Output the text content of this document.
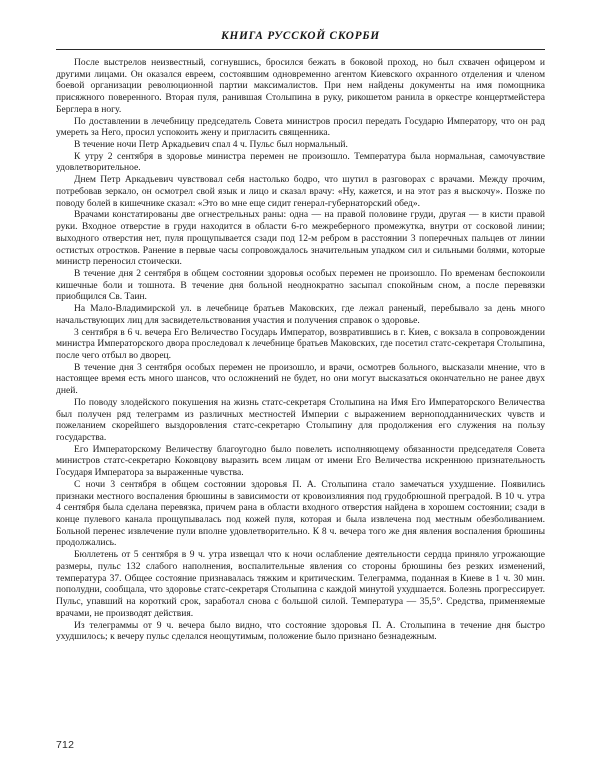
КНИГА РУССКОЙ СКОРБИ

После выстрелов неизвестный, согнувшись, бросился бежать в боковой проход, но был схвачен офицером и другими лицами. Он оказался евреем, состоявшим одновременно агентом Киевского охранного отделения и членом боевой организации революционной партии максималистов. При нем найдены документы на имя помощника присяжного поверенного. Вторая пуля, ранившая Столыпина в руку, рикошетом ранила в оркестре концертмейстера Берглера в ногу.

По доставлении в лечебницу председатель Совета министров просил передать Государю Императору, что он рад умереть за Него, просил успокоить жену и пригласить священника.

В течение ночи Петр Аркадьевич спал 4 ч. Пульс был нормальный.

К утру 2 сентября в здоровье министра перемен не произошло. Температура была нормальная, самочувствие удовлетворительное.

Днем Петр Аркадьевич чувствовал себя настолько бодро, что шутил в разговорах с врачами. Между прочим, потребовав зеркало, он осмотрел свой язык и лицо и сказал врачу: «Ну, кажется, и на этот раз я выскочу». Позже по поводу болей в кишечнике сказал: «Это во мне еще сидит генерал-губернаторский обед».

Врачами констатированы две огнестрельных раны: одна — на правой половине груди, другая — в кисти правой руки. Входное отверстие в груди находится в области 6-го межреберного промежутка, внутри от сосковой линии; выходного отверстия нет, пуля прощупывается сзади под 12-м ребром в расстоянии 3 поперечных пальцев от линии остистых отростков. Ранение в первые часы сопровождалось значительным упадком сил и сильными болями, которые министр переносил стоически.

В течение дня 2 сентября в общем состоянии здоровья особых перемен не произошло. По временам беспокоили кишечные боли и тошнота. В течение дня больной неоднократно засыпал спокойным сном, а после перевязки приобщился Св. Таин.

На Мало-Владимирской ул. в лечебнице братьев Маковских, где лежал раненый, перебывало за день много начальствующих лиц для засвидетельствования участия и получения справок о здоровье.

3 сентября в 6 ч. вечера Его Величество Государь Император, возвратившись в г. Киев, с вокзала в сопровождении министра Императорского двора проследовал к лечебнице братьев Маковских, где посетил статс-секретаря Столыпина, после чего отбыл во дворец.

В течение дня 3 сентября особых перемен не произошло, и врачи, осмотрев больного, высказали мнение, что в настоящее время есть много шансов, что осложнений не будет, но они могут высказаться окончательно не ранее двух дней.

По поводу злодейского покушения на жизнь статс-секретаря Столыпина на Имя Его Императорского Величества был получен ряд телеграмм из различных местностей Империи с выражением верноподданнических чувств и пожеланием скорейшего выздоровления статс-секретарю Столыпину для продолжения его служения на пользу государства.

Его Императорскому Величеству благоугодно было повелеть исполняющему обязанности председателя Совета министров статс-секретарю Коковцову выразить всем лицам от имени Его Величества искреннюю признательность Государя Императора за выраженные чувства.

С ночи 3 сентября в общем состоянии здоровья П. А. Столыпина стало замечаться ухудшение. Появились признаки местного воспаления брюшины в зависимости от кровоизлияния под грудобрюшной преградой. В 10 ч. утра 4 сентября была сделана перевязка, причем рана в области входного отверстия найдена в хорошем состоянии; сзади в конце пулевого канала прощупывалась под кожей пуля, которая и была извлечена под местным обезболиванием. Больной перенес извлечение пули вполне удовлетворительно. К 8 ч. вечера того же дня явления воспаления брюшины продолжались.

Бюллетень от 5 сентября в 9 ч. утра извещал что к ночи ослабление деятельности сердца приняло угрожающие размеры, пульс 132 слабого наполнения, воспалительные явления со стороны брюшины без резких изменений, температура 37. Общее состояние признавалась тяжким и критическим. Телеграмма, поданная в Киеве в 1 ч. 30 мин. пополудни, сообщала, что здоровье статс-секретаря Столыпина с каждой минутой ухудшается. Болезнь прогрессирует. Пульс, упавший на короткий срок, заработал снова с большой силой. Температура — 35,5°. Средства, применяемые врачами, не производят действия.

Из телеграммы от 9 ч. вечера было видно, что состояние здоровья П. А. Столыпина в течение дня быстро ухудшилось; к вечеру пульс сделался неощутимым, положение было признано безнадежным.

712
